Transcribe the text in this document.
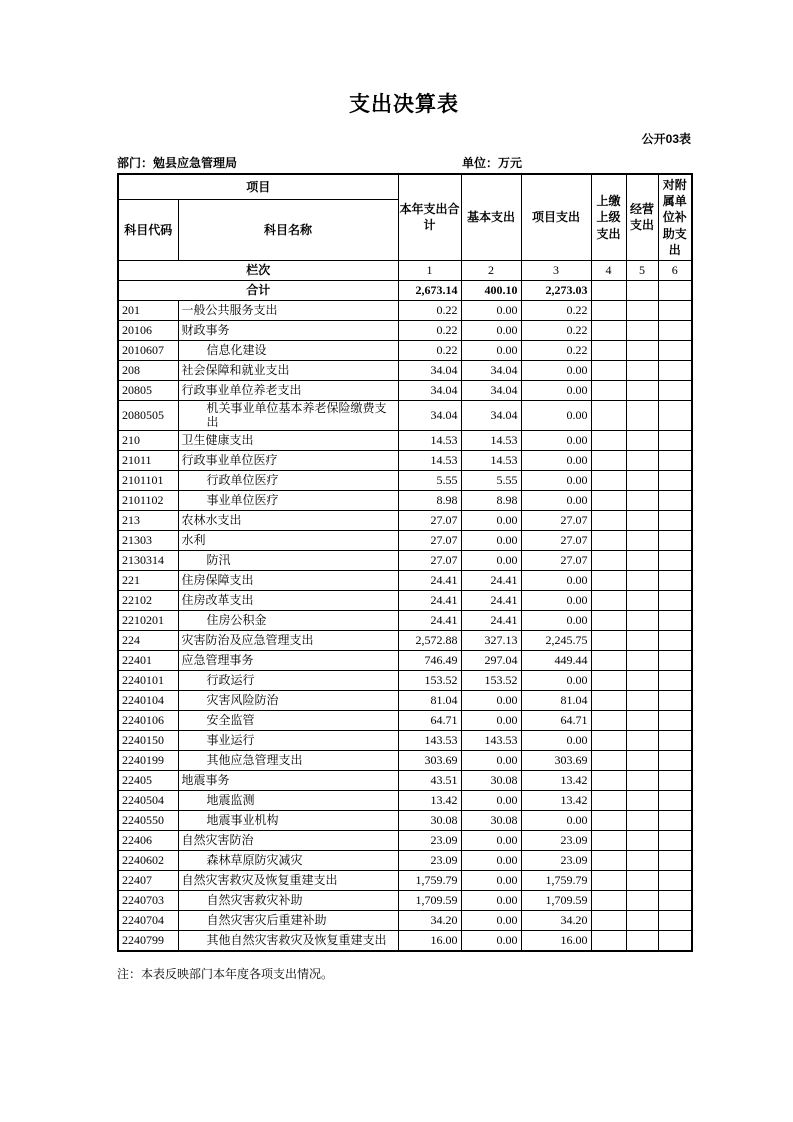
支出决算表
公开03表
部门：勉县应急管理局	单位：万元
项目		本年支出合计	基本支出	项目支出	上缴上级支出	经营支出	对附属单位补助支出
科目代码	科目名称						
栏次		1	2	3	4	5	6
合计		2,673.14	400.10	2,273.03			
201	一般公共服务支出	0.22	0.00	0.22			
20106	财政事务	0.22	0.00	0.22			
2010607	信息化建设	0.22	0.00	0.22			
208	社会保障和就业支出	34.04	34.04	0.00			
20805	行政事业单位养老支出	34.04	34.04	0.00			
2080505	机关事业单位基本养老保险缴费支出	34.04	34.04	0.00			
210	卫生健康支出	14.53	14.53	0.00			
21011	行政事业单位医疗	14.53	14.53	0.00			
2101101	行政单位医疗	5.55	5.55	0.00			
2101102	事业单位医疗	8.98	8.98	0.00			
213	农林水支出	27.07	0.00	27.07			
21303	水利	27.07	0.00	27.07			
2130314	防汛	27.07	0.00	27.07			
221	住房保障支出	24.41	24.41	0.00			
22102	住房改革支出	24.41	24.41	0.00			
2210201	住房公积金	24.41	24.41	0.00			
224	灾害防治及应急管理支出	2,572.88	327.13	2,245.75			
22401	应急管理事务	746.49	297.04	449.44			
2240101	行政运行	153.52	153.52	0.00			
2240104	灾害风险防治	81.04	0.00	81.04			
2240106	安全监管	64.71	0.00	64.71			
2240150	事业运行	143.53	143.53	0.00			
2240199	其他应急管理支出	303.69	0.00	303.69			
22405	地震事务	43.51	30.08	13.42			
2240504	地震监测	13.42	0.00	13.42			
2240550	地震事业机构	30.08	30.08	0.00			
22406	自然灾害防治	23.09	0.00	23.09			
2240602	森林草原防灾减灾	23.09	0.00	23.09			
22407	自然灾害救灾及恢复重建支出	1,759.79	0.00	1,759.79			
2240703	自然灾害救灾补助	1,709.59	0.00	1,709.59			
2240704	自然灾害灾后重建补助	34.20	0.00	34.20			
2240799	其他自然灾害救灾及恢复重建支出	16.00	0.00	16.00			
注：本表反映部门本年度各项支出情况。
